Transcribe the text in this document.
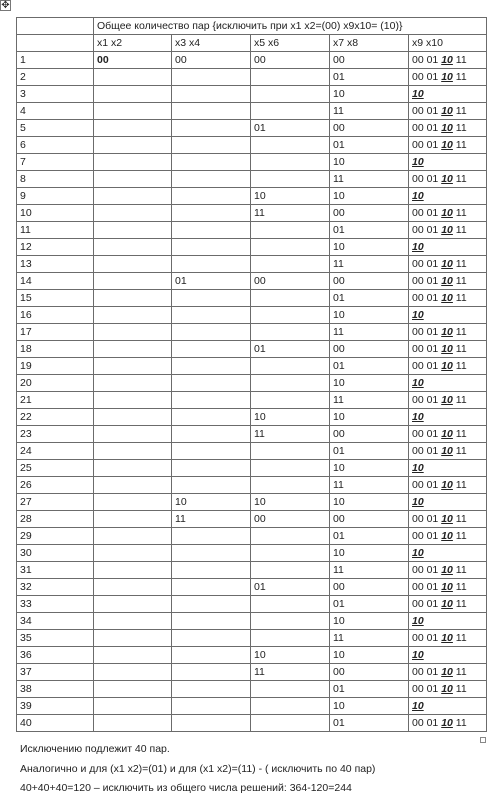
✥
	Общее количество пар {исключить при x1 x2=(00) x9x10= (10)}				
	x1 x2	x3 x4	x5 x6	x7 x8	x9 x10
1	00	00	00	00	00 01 10 11
2				01	00 01 10 11
3				10	10
4				11	00 01 10 11
5			01	00	00 01 10 11
6				01	00 01 10 11
7				10	10
8				11	00 01 10 11
9			10	10	10
10			11	00	00 01 10 11
11				01	00 01 10 11
12				10	10
13				11	00 01 10 11
14		01	00	00	00 01 10 11
15				01	00 01 10 11
16				10	10
17				11	00 01 10 11
18			01	00	00 01 10 11
19				01	00 01 10 11
20				10	10
21				11	00 01 10 11
22			10	10	10
23			11	00	00 01 10 11
24				01	00 01 10 11
25				10	10
26				11	00 01 10 11
27		10	10	10	10
28		11	00	00	00 01 10 11
29				01	00 01 10 11
30				10	10
31				11	00 01 10 11
32			01	00	00 01 10 11
33				01	00 01 10 11
34				10	10
35				11	00 01 10 11
36			10	10	10
37			11	00	00 01 10 11
38				01	00 01 10 11
39				10	10
40				01	00 01 10 11
Исключению подлежит 40 пар.
Аналогично и для (x1 x2)=(01) и для (x1 x2)=(11) - ( исключить по 40 пар)
40+40+40=120 – исключить из общего числа решений: 364-120=244
